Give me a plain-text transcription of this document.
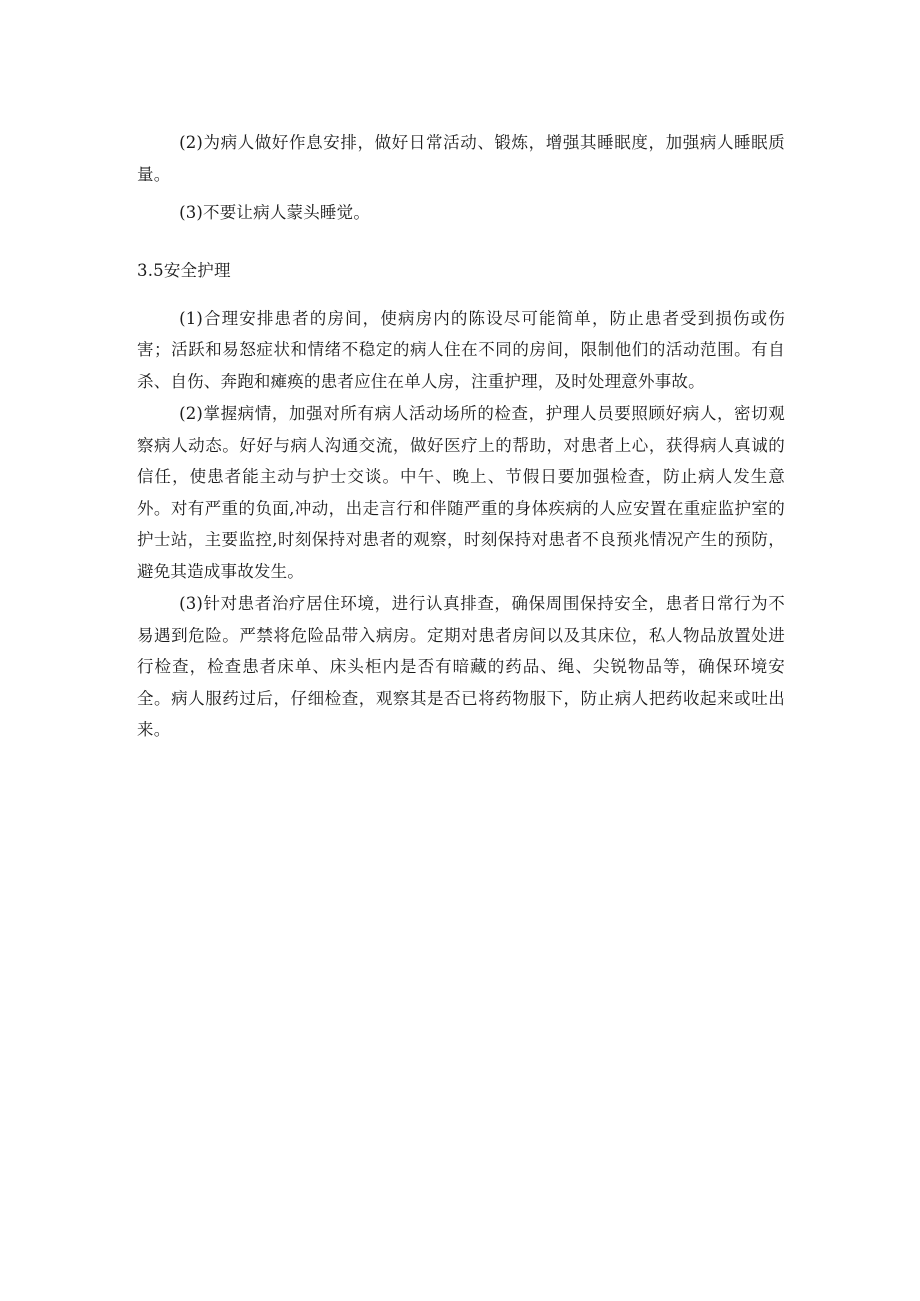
(2)为病人做好作息安排，做好日常活动、锻炼，增强其睡眠度，加强病人睡眠质量。

(3)不要让病人蒙头睡觉。

3.5安全护理

(1)合理安排患者的房间，使病房内的陈设尽可能简单，防止患者受到损伤或伤害；活跃和易怒症状和情绪不稳定的病人住在不同的房间，限制他们的活动范围。有自杀、自伤、奔跑和瘫痪的患者应住在单人房，注重护理，及时处理意外事故。

(2)掌握病情，加强对所有病人活动场所的检查，护理人员要照顾好病人，密切观察病人动态。好好与病人沟通交流，做好医疗上的帮助，对患者上心，获得病人真诚的信任，使患者能主动与护士交谈。中午、晚上、节假日要加强检查，防止病人发生意外。对有严重的负面,冲动，出走言行和伴随严重的身体疾病的人应安置在重症监护室的护士站，主要监控,时刻保持对患者的观察，时刻保持对患者不良预兆情况产生的预防，避免其造成事故发生。

(3)针对患者治疗居住环境，进行认真排查，确保周围保持安全，患者日常行为不易遇到危险。严禁将危险品带入病房。定期对患者房间以及其床位，私人物品放置处进行检查，检查患者床单、床头柜内是否有暗藏的药品、绳、尖锐物品等，确保环境安全。病人服药过后，仔细检查，观察其是否已将药物服下，防止病人把药收起来或吐出来。
